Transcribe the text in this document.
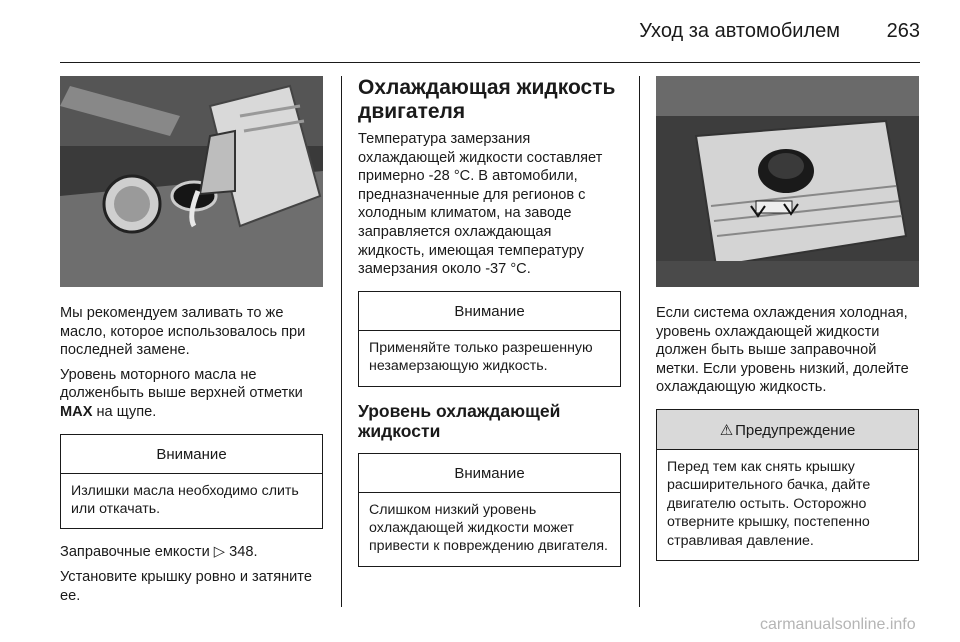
Уход за автомобилем 263

Мы рекомендуем заливать то же масло, которое использовалось при последней замене.

Уровень моторного масла не долженбыть выше верхней отметки MAX на щупе.

Внимание
Излишки масла необходимо слить или откачать.

Заправочные емкости ▷ 348.

Установите крышку ровно и затяните ее.

Охлаждающая жидкость двигателя

Температура замерзания охлаждающей жидкости составляет примерно -28 °C. В автомобили, предназначенные для регионов с холодным климатом, на заводе заправляется охлаждающая жидкость, имеющая температуру замерзания около -37 °C.

Внимание
Применяйте только разрешенную незамерзающую жидкость.
Уровень охлаждающей жидкости
Внимание
Слишком низкий уровень охлаждающей жидкости может привести к повреждению двигателя.

Если система охлаждения холодная, уровень охлаждающей жидкости должен быть выше заправочной метки. Если уровень низкий, долейте охлаждающую жидкость.

⚠ Предупреждение
Перед тем как снять крышку расширительного бачка, дайте двигателю остыть. Осторожно отверните крышку, постепенно стравливая давление.
carmanualsonline.info
